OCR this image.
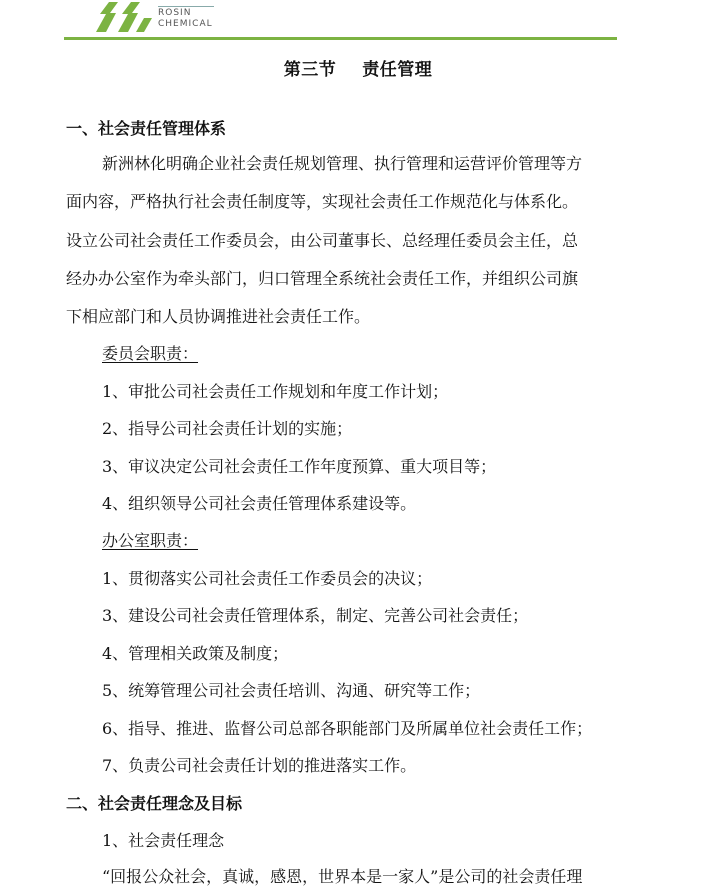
ROSIN
CHEMICAL
第三节 责任管理
一、社会责任管理体系
新洲林化明确企业社会责任规划管理、执行管理和运营评价管理等方
面内容，严格执行社会责任制度等，实现社会责任工作规范化与体系化。
设立公司社会责任工作委员会，由公司董事长、总经理任委员会主任，总
经办办公室作为牵头部门，归口管理全系统社会责任工作，并组织公司旗
下相应部门和人员协调推进社会责任工作。
委员会职责：
1、审批公司社会责任工作规划和年度工作计划；
2、指导公司社会责任计划的实施；
3、审议决定公司社会责任工作年度预算、重大项目等；
4、组织领导公司社会责任管理体系建设等。
办公室职责：
1、贯彻落实公司社会责任工作委员会的决议；
3、建设公司社会责任管理体系，制定、完善公司社会责任；
4、管理相关政策及制度；
5、统筹管理公司社会责任培训、沟通、研究等工作；
6、指导、推进、监督公司总部各职能部门及所属单位社会责任工作；
7、负责公司社会责任计划的推进落实工作。
二、社会责任理念及目标
1、社会责任理念
“回报公众社会，真诚，感恩，世界本是一家人”是公司的社会责任理
